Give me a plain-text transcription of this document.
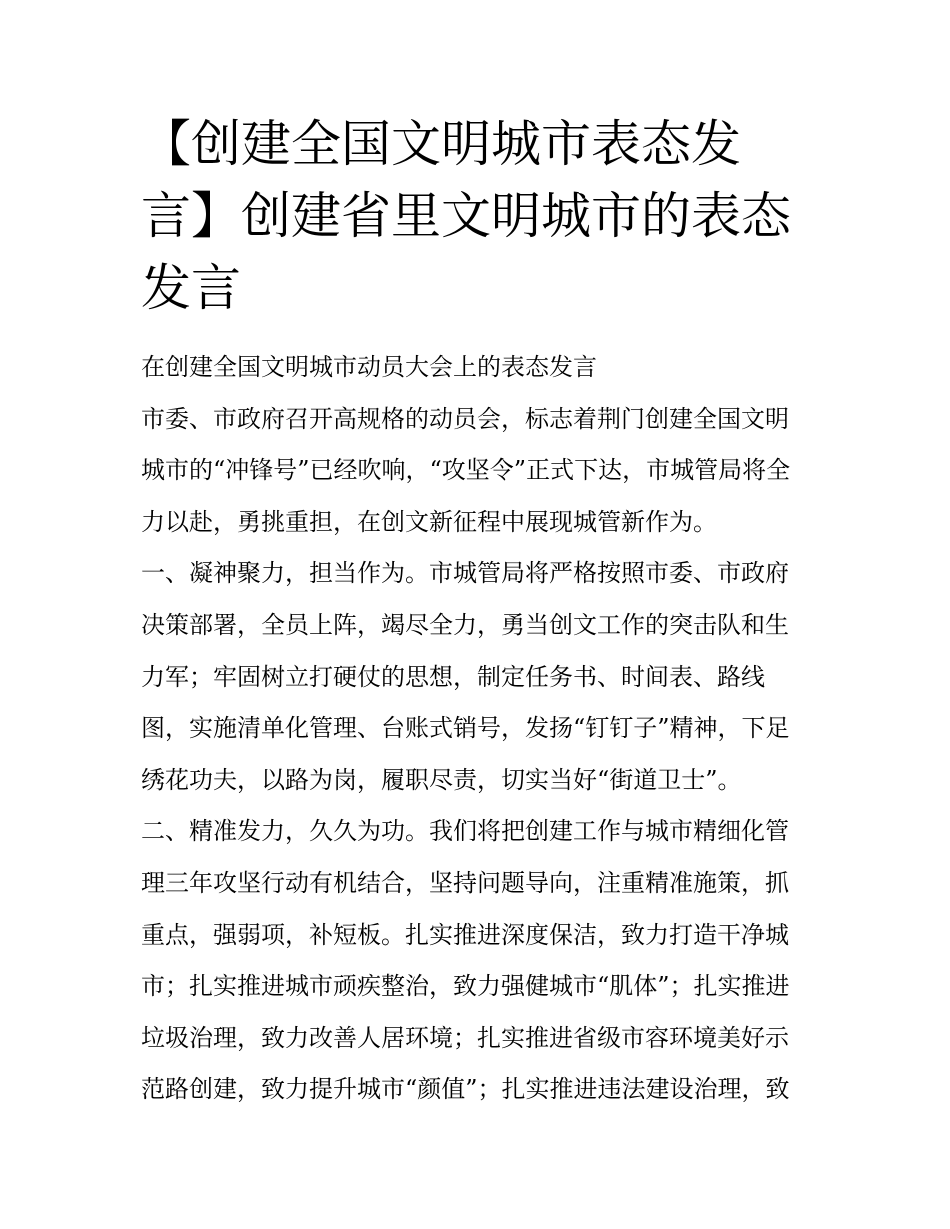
【创建全国文明城市表态发
言】创建省里文明城市的表态
发言

在创建全国文明城市动员大会上的表态发言

市委、市政府召开高规格的动员会，标志着荆门创建全国文明

城市的“冲锋号”已经吹响，“攻坚令”正式下达，市城管局将全

力以赴，勇挑重担，在创文新征程中展现城管新作为。

一、凝神聚力，担当作为。市城管局将严格按照市委、市政府

决策部署，全员上阵，竭尽全力，勇当创文工作的突击队和生

力军；牢固树立打硬仗的思想，制定任务书、时间表、路线

图，实施清单化管理、台账式销号，发扬“钉钉子”精神，下足

绣花功夫，以路为岗，履职尽责，切实当好“街道卫士”。

二、精准发力，久久为功。我们将把创建工作与城市精细化管

理三年攻坚行动有机结合，坚持问题导向，注重精准施策，抓

重点，强弱项，补短板。扎实推进深度保洁，致力打造干净城

市；扎实推进城市顽疾整治，致力强健城市“肌体”；扎实推进

垃圾治理，致力改善人居环境；扎实推进省级市容环境美好示

范路创建，致力提升城市“颜值”；扎实推进违法建设治理，致
